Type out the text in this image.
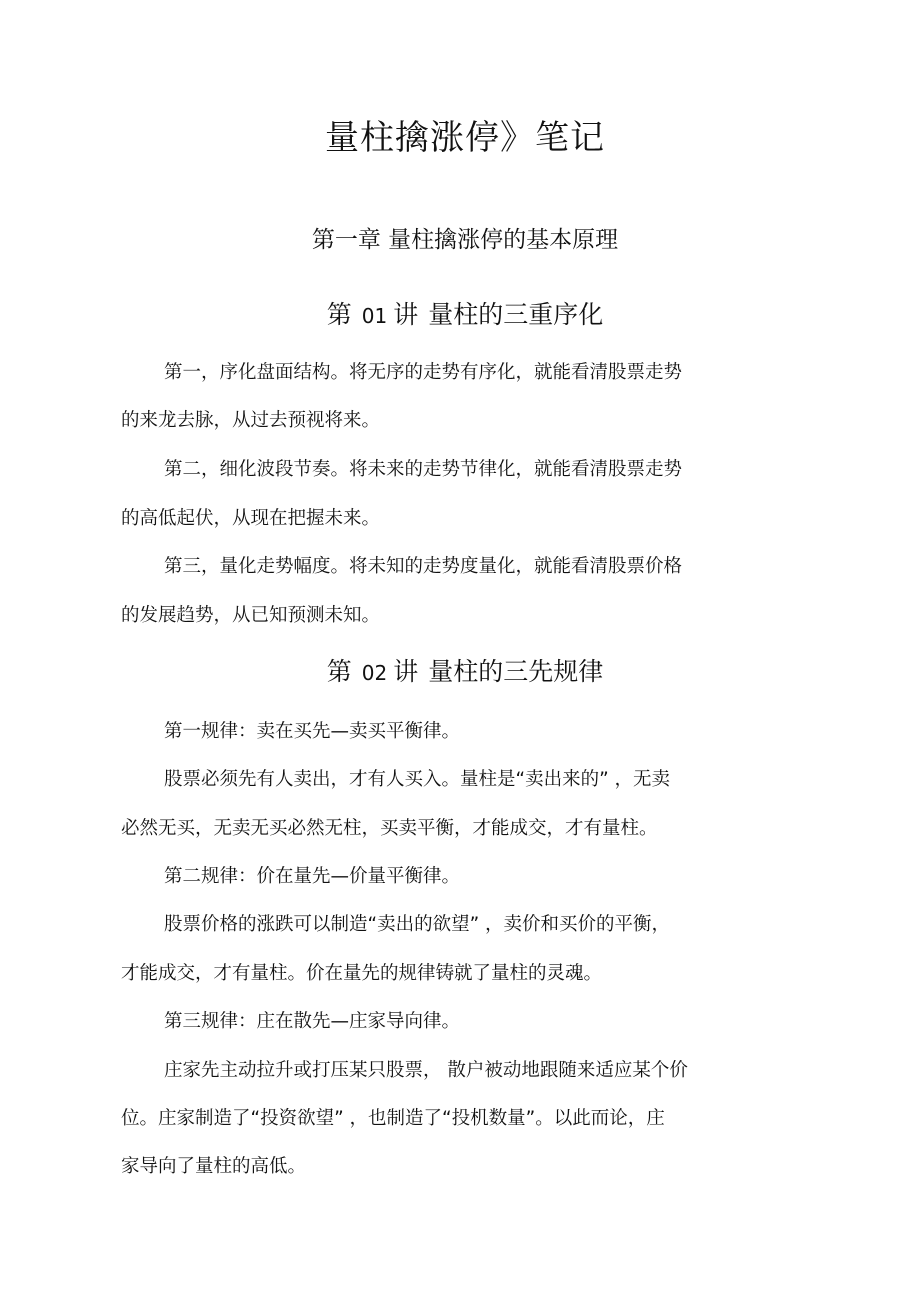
量柱擒涨停》笔记
第一章 量柱擒涨停的基本原理
第 01 讲 量柱的三重序化
第一，序化盘面结构。将无序的走势有序化，就能看清股票走势
的来龙去脉，从过去预视将来。
第二，细化波段节奏。将未来的走势节律化，就能看清股票走势
的高低起伏，从现在把握未来。
第三，量化走势幅度。将未知的走势度量化，就能看清股票价格
的发展趋势，从已知预测未知。
第 02 讲 量柱的三先规律
第一规律：卖在买先—卖买平衡律。
股票必须先有人卖出，才有人买入。量柱是“卖出来的” ，无卖
必然无买，无卖无买必然无柱，买卖平衡，才能成交，才有量柱。
第二规律：价在量先—价量平衡律。
股票价格的涨跌可以制造“卖出的欲望” ，卖价和买价的平衡，
才能成交，才有量柱。价在量先的规律铸就了量柱的灵魂。
第三规律：庄在散先—庄家导向律。
庄家先主动拉升或打压某只股票， 散户被动地跟随来适应某个价
位。庄家制造了“投资欲望” ，也制造了“投机数量”。以此而论，庄
家导向了量柱的高低。
